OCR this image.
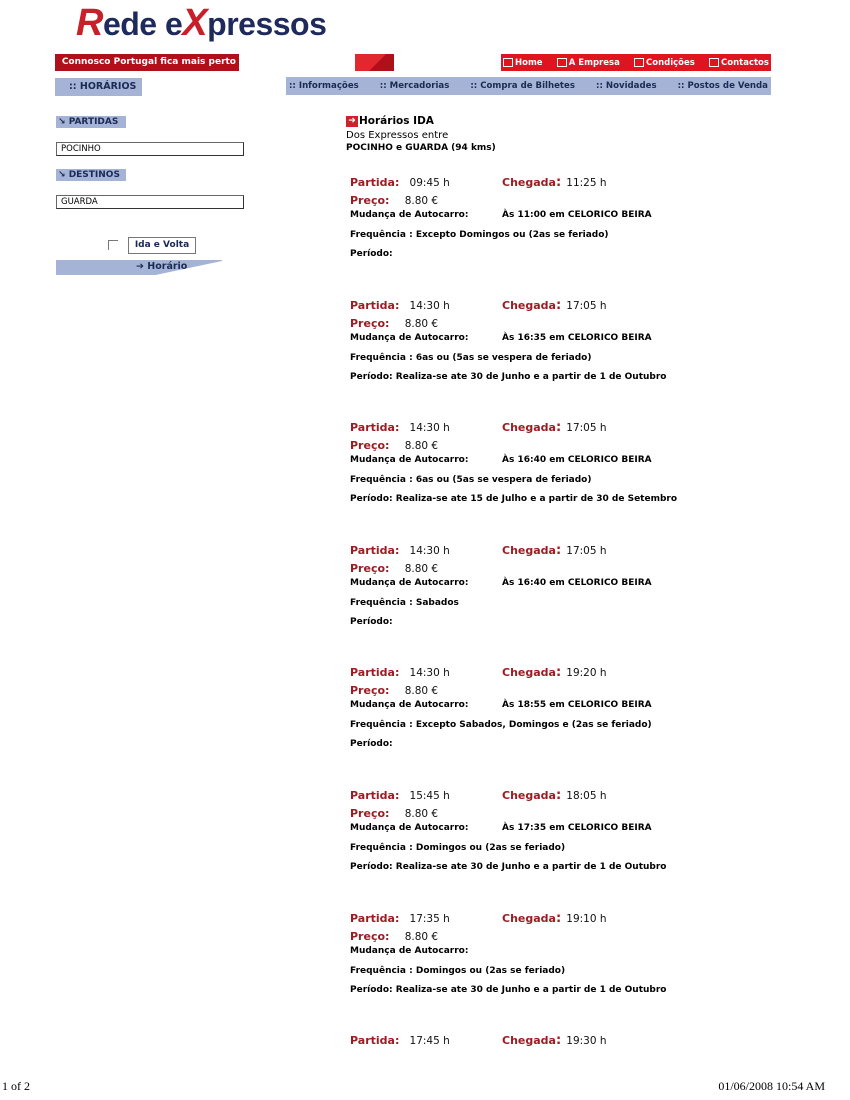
Rede eXpressos
Connosco Portugal fica mais perto	Home	A Empresa	Condições	Contactos
:: HORÁRIOS	:: Informações :: Mercadorias :: Compra de Bilhetes :: Novidades :: Postos de Venda
↘ PARTIDAS
POCINHO
↘ DESTINOS
GUARDA
Ida e Volta
➔ Horário
➜ Horários IDA
Dos Expressos entre
POCINHO e GUARDA (94 kms)
Partida: 09:45 h	Chegada: 11:25 h
Preço: 8.80 €
Mudança de Autocarro:	Às 11:00 em CELORICO BEIRA
Frequência : Excepto Domingos ou (2as se feriado)
Período:
Partida: 14:30 h	Chegada: 17:05 h
Preço: 8.80 €
Mudança de Autocarro:	Às 16:35 em CELORICO BEIRA
Frequência : 6as ou (5as se vespera de feriado)
Período: Realiza-se ate 30 de Junho e a partir de 1 de Outubro
Partida: 14:30 h	Chegada: 17:05 h
Preço: 8.80 €
Mudança de Autocarro:	Às 16:40 em CELORICO BEIRA
Frequência : 6as ou (5as se vespera de feriado)
Período: Realiza-se ate 15 de Julho e a partir de 30 de Setembro
Partida: 14:30 h	Chegada: 17:05 h
Preço: 8.80 €
Mudança de Autocarro:	Às 16:40 em CELORICO BEIRA
Frequência : Sabados
Período:
Partida: 14:30 h	Chegada: 19:20 h
Preço: 8.80 €
Mudança de Autocarro:	Às 18:55 em CELORICO BEIRA
Frequência : Excepto Sabados, Domingos e (2as se feriado)
Período:
Partida: 15:45 h	Chegada: 18:05 h
Preço: 8.80 €
Mudança de Autocarro:	Às 17:35 em CELORICO BEIRA
Frequência : Domingos ou (2as se feriado)
Período: Realiza-se ate 30 de Junho e a partir de 1 de Outubro
Partida: 17:35 h	Chegada: 19:10 h
Preço: 8.80 €
Mudança de Autocarro:
Frequência : Domingos ou (2as se feriado)
Período: Realiza-se ate 30 de Junho e a partir de 1 de Outubro
Partida: 17:45 h	Chegada: 19:30 h
1 of 2	01/06/2008 10:54 AM
